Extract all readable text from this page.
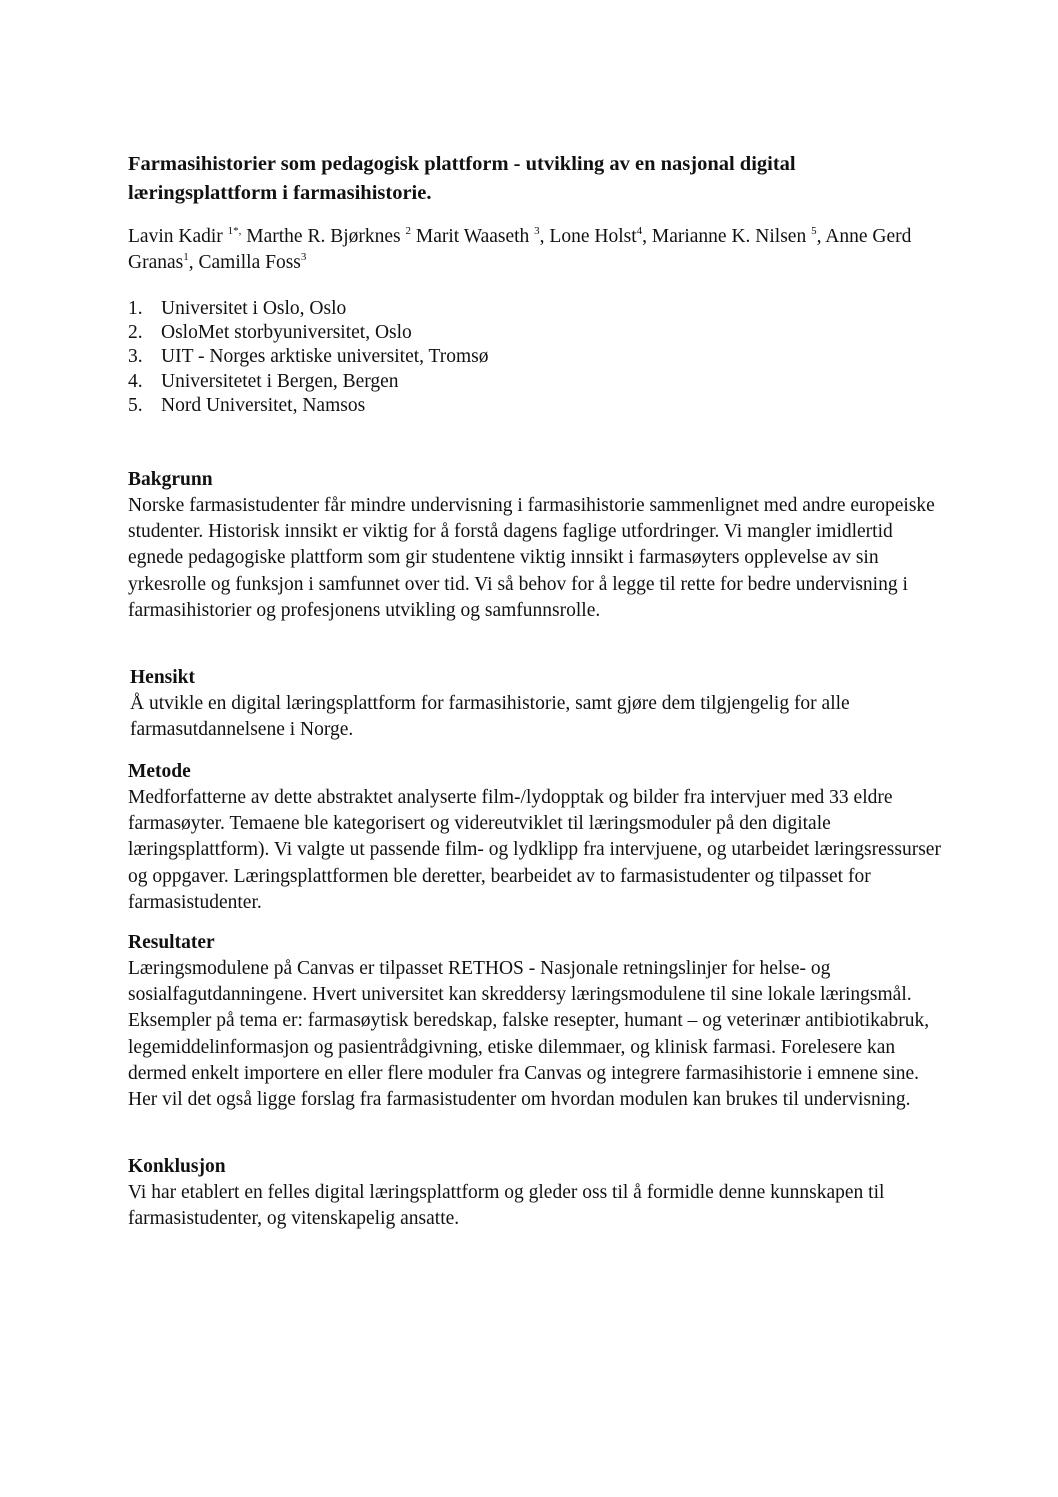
Farmasihistorier som pedagogisk plattform - utvikling av en nasjonal digital læringsplattform i farmasihistorie.

Lavin Kadir $^{1*,}$ Marthe R. Bjørknes $^2$ Marit Waaseth $^3$, Lone Holst$^4$, Marianne K. Nilsen $^5$, Anne Gerd Granas$^1$, Camilla Foss$^3$

1. Universitet i Oslo, Oslo
2. OsloMet storbyuniversitet, Oslo
3. UIT - Norges arktiske universitet, Tromsø
4. Universitetet i Bergen, Bergen
5. Nord Universitet, Namsos
Bakgrunn

Norske farmasistudenter får mindre undervisning i farmasihistorie sammenlignet med andre europeiske studenter. Historisk innsikt er viktig for å forstå dagens faglige utfordringer. Vi mangler imidlertid egnede pedagogiske plattform som gir studentene viktig innsikt i farmasøyters opplevelse av sin yrkesrolle og funksjon i samfunnet over tid. Vi så behov for å legge til rette for bedre undervisning i farmasihistorier og profesjonens utvikling og samfunnsrolle.

Hensikt

Å utvikle en digital læringsplattform for farmasihistorie, samt gjøre dem tilgjengelig for alle farmasutdannelsene i Norge.

Metode

Medforfatterne av dette abstraktet analyserte film-/lydopptak og bilder fra intervjuer med 33 eldre farmasøyter. Temaene ble kategorisert og videreutviklet til læringsmoduler på den digitale læringsplattform). Vi valgte ut passende film- og lydklipp fra intervjuene, og utarbeidet læringsressurser og oppgaver. Læringsplattformen ble deretter, bearbeidet av to farmasistudenter og tilpasset for farmasistudenter.

Resultater

Læringsmodulene på Canvas er tilpasset RETHOS - Nasjonale retningslinjer for helse- og sosialfagutdanningene. Hvert universitet kan skreddersy læringsmodulene til sine lokale læringsmål. Eksempler på tema er: farmasøytisk beredskap, falske resepter, humant – og veterinær antibiotikabruk, legemiddelinformasjon og pasientrådgivning, etiske dilemmaer, og klinisk farmasi. Forelesere kan dermed enkelt importere en eller flere moduler fra Canvas og integrere farmasihistorie i emnene sine. Her vil det også ligge forslag fra farmasistudenter om hvordan modulen kan brukes til undervisning.

Konklusjon

Vi har etablert en felles digital læringsplattform og gleder oss til å formidle denne kunnskapen til farmasistudenter, og vitenskapelig ansatte.
